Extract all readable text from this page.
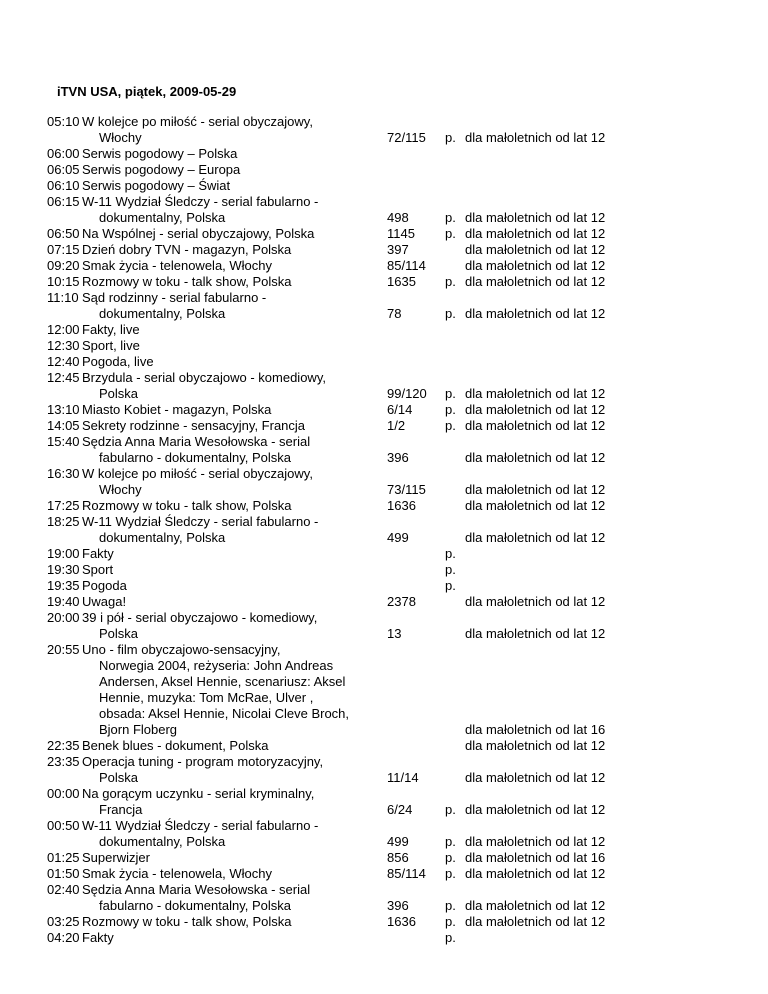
iTVN USA, piątek, 2009-05-29
05:10 W kolejce po miłość - serial obyczajowy,
Włochy	72/115 p. dla małoletnich od lat 12
06:00 Serwis pogodowy – Polska
06:05 Serwis pogodowy – Europa
06:10 Serwis pogodowy – Świat
06:15 W-11 Wydział Śledczy - serial fabularno -
dokumentalny, Polska	498	p. dla małoletnich od lat 12
06:50 Na Wspólnej - serial obyczajowy, Polska	1145 p. dla małoletnich od lat 12
07:15 Dzień dobry TVN - magazyn, Polska	397	dla małoletnich od lat 12
09:20 Smak życia - telenowela, Włochy	85/114	dla małoletnich od lat 12
10:15 Rozmowy w toku - talk show, Polska	1635 p. dla małoletnich od lat 12
11:10 Sąd rodzinny - serial fabularno -
dokumentalny, Polska	78	p. dla małoletnich od lat 12
12:00 Fakty, live
12:30 Sport, live
12:40 Pogoda, live
12:45 Brzydula - serial obyczajowo - komediowy,
Polska	99/120 p. dla małoletnich od lat 12
13:10 Miasto Kobiet - magazyn, Polska	6/14	p. dla małoletnich od lat 12
14:05 Sekrety rodzinne - sensacyjny, Francja	1/2	p. dla małoletnich od lat 12
15:40 Sędzia Anna Maria Wesołowska - serial
fabularno - dokumentalny, Polska	396	dla małoletnich od lat 12
16:30 W kolejce po miłość - serial obyczajowy,
Włochy	73/115	dla małoletnich od lat 12
17:25 Rozmowy w toku - talk show, Polska	1636	dla małoletnich od lat 12
18:25 W-11 Wydział Śledczy - serial fabularno -
dokumentalny, Polska	499	dla małoletnich od lat 12
19:00 Fakty	p.
19:30 Sport	p.
19:35 Pogoda	p.
19:40 Uwaga!	2378	dla małoletnich od lat 12
20:00 39 i pół - serial obyczajowo - komediowy,
Polska	13	dla małoletnich od lat 12
20:55 Uno - film obyczajowo-sensacyjny,
Norwegia 2004, reżyseria: John Andreas
Andersen, Aksel Hennie, scenariusz: Aksel
Hennie, muzyka: Tom McRae, Ulver ,
obsada: Aksel Hennie, Nicolai Cleve Broch,
Bjorn Floberg	dla małoletnich od lat 16
22:35 Benek blues - dokument, Polska	dla małoletnich od lat 12
23:35 Operacja tuning - program motoryzacyjny,
Polska	11/14	dla małoletnich od lat 12
00:00 Na gorącym uczynku - serial kryminalny,
Francja	6/24	p. dla małoletnich od lat 12
00:50 W-11 Wydział Śledczy - serial fabularno -
dokumentalny, Polska	499	p. dla małoletnich od lat 12
01:25 Superwizjer	856	p. dla małoletnich od lat 16
01:50 Smak życia - telenowela, Włochy	85/114 p. dla małoletnich od lat 12
02:40 Sędzia Anna Maria Wesołowska - serial
fabularno - dokumentalny, Polska	396	p. dla małoletnich od lat 12
03:25 Rozmowy w toku - talk show, Polska	1636 p. dla małoletnich od lat 12
04:20 Fakty	p.
